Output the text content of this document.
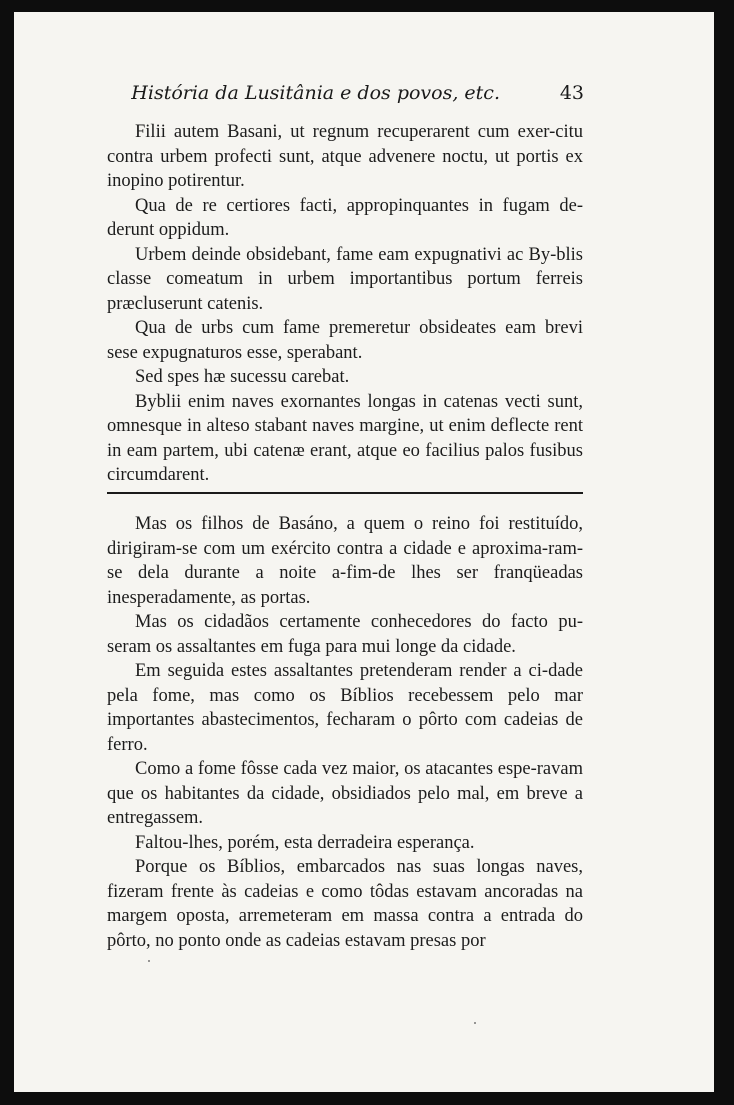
História da Lusitânia e dos povos, etc.	43

Filii autem Basani, ut regnum recuperarent cum exer-citu contra urbem profecti sunt, atque advenere noctu, ut portis ex inopino potirentur.

Qua de re certiores facti, appropinquantes in fugam de-derunt oppidum.

Urbem deinde obsidebant, fame eam expugnativi ac By-blis classe comeatum in urbem importantibus portum ferreis præcluserunt catenis.

Qua de urbs cum fame premeretur obsideates eam brevi sese expugnaturos esse, sperabant.

Sed spes hæ sucessu carebat.

Byblii enim naves exornantes longas in catenas vecti sunt, omnesque in alteso stabant naves margine, ut enim deflecte rent in eam partem, ubi catenæ erant, atque eo facilius palos fusibus circumdarent.

Mas os filhos de Basáno, a quem o reino foi restituído, dirigiram-se com um exército contra a cidade e aproxima-ram-se dela durante a noite a-fim-de lhes ser franqüeadas inesperadamente, as portas.

Mas os cidadãos certamente conhecedores do facto pu-seram os assaltantes em fuga para mui longe da cidade.

Em seguida estes assaltantes pretenderam render a ci-dade pela fome, mas como os Bíblios recebessem pelo mar importantes abastecimentos, fecharam o pôrto com cadeias de ferro.

Como a fome fôsse cada vez maior, os atacantes espe-ravam que os habitantes da cidade, obsidiados pelo mal, em breve a entregassem.

Faltou-lhes, porém, esta derradeira esperança.

Porque os Bíblios, embarcados nas suas longas naves, fizeram frente às cadeias e como tôdas estavam ancoradas na margem oposta, arremeteram em massa contra a entrada do pôrto, no ponto onde as cadeias estavam presas por
